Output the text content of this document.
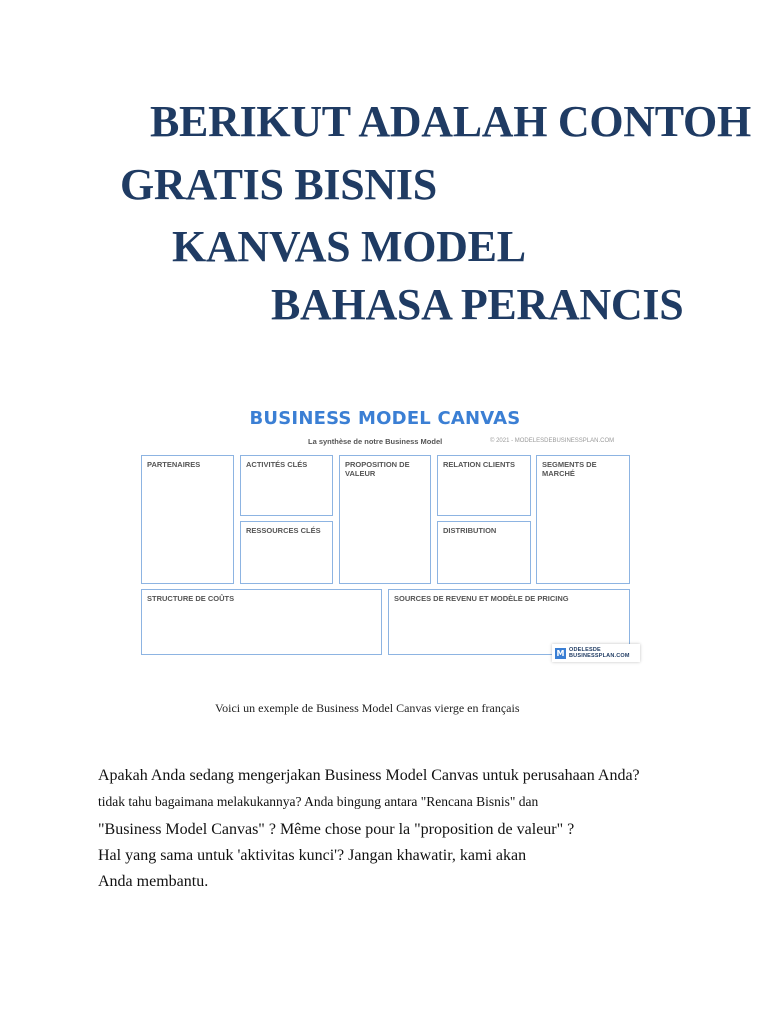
BERIKUT ADALAH CONTOH
GRATIS BISNIS
KANVAS MODEL
BAHASA PERANCIS
BUSINESS MODEL CANVAS
La synthèse de notre Business Model	© 2021 - MODELESDEBUSINESSPLAN.COM
PARTENAIRES	ACTIVITÉS CLÉS
RESSOURCES CLÉS
PROPOSITION DE VALEUR
RELATION CLIENTS
DISTRIBUTION
SEGMENTS DE MARCHÉ
STRUCTURE DE COÛTS	SOURCES DE REVENU ET MODÈLE DE PRICING
M ODELESDE
BUSINESSPLAN.COM

Voici un exemple de Business Model Canvas vierge en français

Apakah Anda sedang mengerjakan Business Model Canvas untuk perusahaan Anda?

tidak tahu bagaimana melakukannya? Anda bingung antara "Rencana Bisnis" dan

"Business Model Canvas" ? Même chose pour la "proposition de valeur" ?

Hal yang sama untuk 'aktivitas kunci'? Jangan khawatir, kami akan

Anda membantu.
